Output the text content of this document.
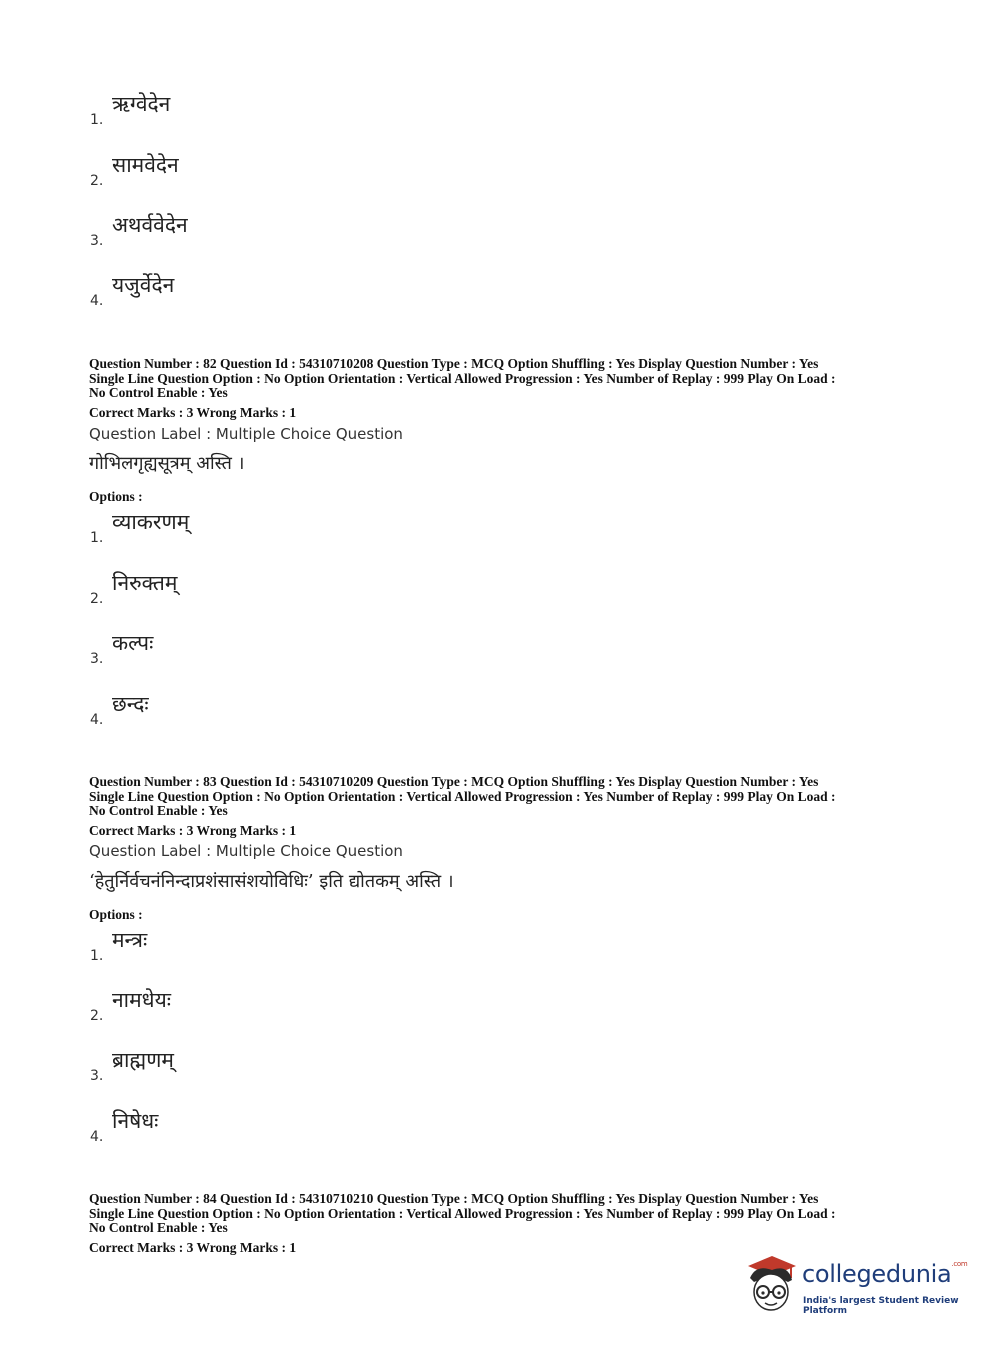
1.
ऋग्वेदेन
2.
सामवेदेन
3.
अथर्ववेदेन
4.
यजुर्वेदेन
Question Number : 82 Question Id : 54310710208 Question Type : MCQ Option Shuffling : Yes Display Question Number : Yes
Single Line Question Option : No Option Orientation : Vertical Allowed Progression : Yes Number of Replay : 999 Play On Load :
No Control Enable : Yes
Correct Marks : 3 Wrong Marks : 1
Question Label : Multiple Choice Question
गोभिलगृह्यसूत्रम् अस्ति ।
Options :
1.
व्याकरणम्
2.
निरुक्तम्
3.
कल्पः
4.
छन्दः
Question Number : 83 Question Id : 54310710209 Question Type : MCQ Option Shuffling : Yes Display Question Number : Yes
Single Line Question Option : No Option Orientation : Vertical Allowed Progression : Yes Number of Replay : 999 Play On Load :
No Control Enable : Yes
Correct Marks : 3 Wrong Marks : 1
Question Label : Multiple Choice Question
‘हेतुर्निर्वचनंनिन्दाप्रशंसासंशयोविधिः’ इति द्योतकम् अस्ति ।
Options :
1.
मन्त्रः
2.
नामधेयः
3.
ब्राह्मणम्
4.
निषेधः
Question Number : 84 Question Id : 54310710210 Question Type : MCQ Option Shuffling : Yes Display Question Number : Yes
Single Line Question Option : No Option Orientation : Vertical Allowed Progression : Yes Number of Replay : 999 Play On Load :
No Control Enable : Yes
Correct Marks : 3 Wrong Marks : 1
collegedunia$^{.com}$
India's largest Student Review Platform
